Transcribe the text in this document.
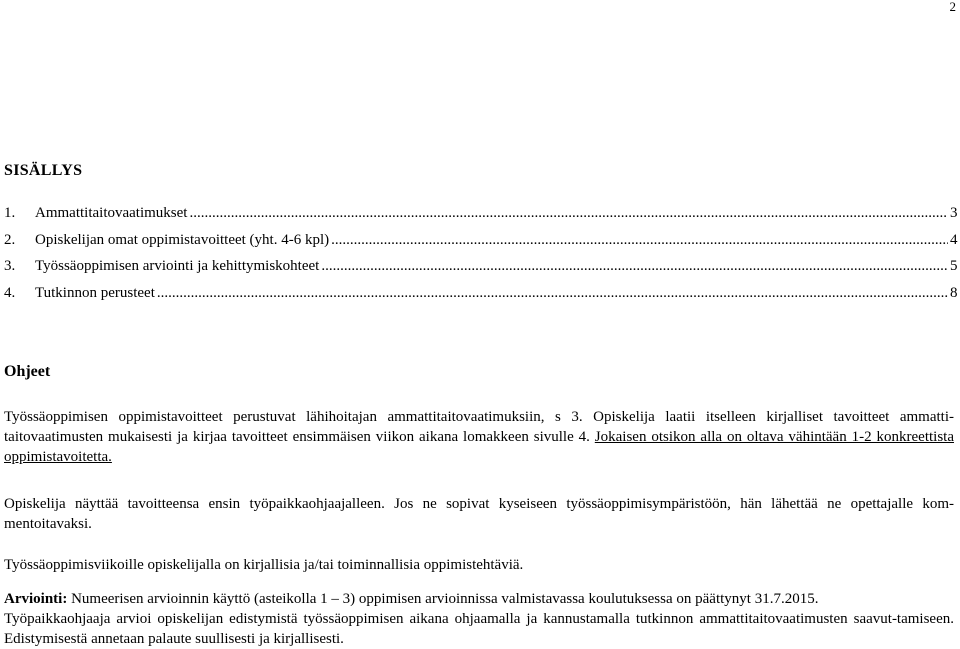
2
SISÄLLYS
1.	Ammattitaitovaatimukset .....	3
2.	Opiskelijan omat oppimistavoitteet (yht. 4-6 kpl) .....	4
3.	Työssäoppimisen arviointi ja kehittymiskohteet .....	5
4.	Tutkinnon perusteet .....	8
Ohjeet

Työssäoppimisen oppimistavoitteet perustuvat lähihoitajan ammattitaitovaatimuksiin, s 3. Opiskelija laatii itselleen kirjalliset tavoitteet ammatti-taitovaatimusten mukaisesti ja kirjaa tavoitteet ensimmäisen viikon aikana lomakkeen sivulle 4. Jokaisen otsikon alla on oltava vähintään 1-2 konkreettista oppimistavoitetta.

Opiskelija näyttää tavoitteensa ensin työpaikkaohjaajalleen. Jos ne sopivat kyseiseen työssäoppimisympäristöön, hän lähettää ne opettajalle kom-mentoitavaksi.

Työssäoppimisviikoille opiskelijalla on kirjallisia ja/tai toiminnallisia oppimistehtäviä.

Arviointi: Numeerisen arvioinnin käyttö (asteikolla 1 – 3) oppimisen arvioinnissa valmistavassa koulutuksessa on päättynyt 31.7.2015.

Työpaikkaohjaaja arvioi opiskelijan edistymistä työssäoppimisen aikana ohjaamalla ja kannustamalla tutkinnon ammattitaitovaatimusten saavut-tamiseen. Edistymisestä annetaan palaute suullisesti ja kirjallisesti.
